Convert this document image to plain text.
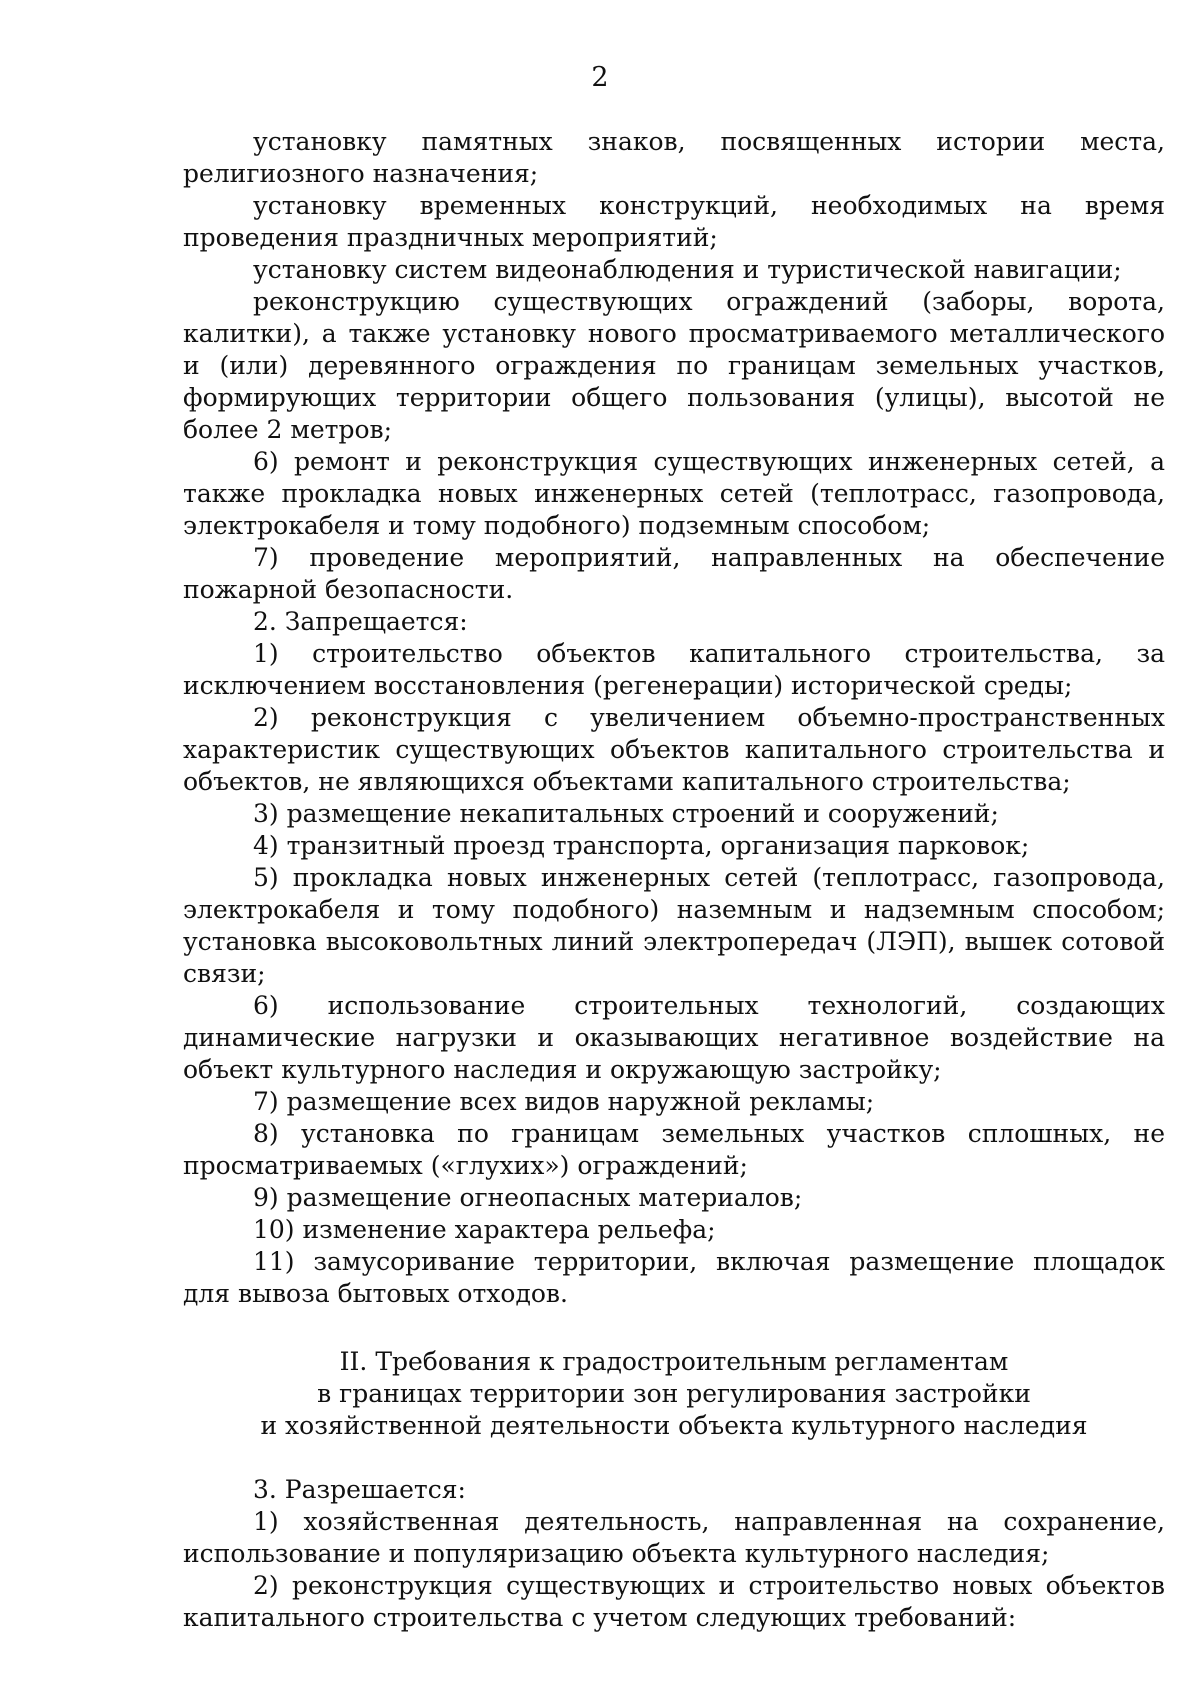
2

установку памятных знаков, посвященных истории места, религиозного назначения;

установку временных конструкций, необходимых на время проведения праздничных мероприятий;

установку систем видеонаблюдения и туристической навигации;

реконструкцию существующих ограждений (заборы, ворота, калитки), а также установку нового просматриваемого металлического и (или) деревянного ограждения по границам земельных участков, формирующих территории общего пользования (улицы), высотой не более 2 метров;

6) ремонт и реконструкция существующих инженерных сетей, а также прокладка новых инженерных сетей (теплотрасс, газопровода, электрокабеля и тому подобного) подземным способом;

7) проведение мероприятий, направленных на обеспечение пожарной безопасности.

2. Запрещается:

1) строительство объектов капитального строительства, за исключением восстановления (регенерации) исторической среды;

2) реконструкция с увеличением объемно-пространственных характеристик существующих объектов капитального строительства и объектов, не являющихся объектами капитального строительства;

3) размещение некапитальных строений и сооружений;

4) транзитный проезд транспорта, организация парковок;

5) прокладка новых инженерных сетей (теплотрасс, газопровода, электрокабеля и тому подобного) наземным и надземным способом; установка высоковольтных линий электропередач (ЛЭП), вышек сотовой связи;

6) использование строительных технологий, создающих динамические нагрузки и оказывающих негативное воздействие на объект культурного наследия и окружающую застройку;

7) размещение всех видов наружной рекламы;

8) установка по границам земельных участков сплошных, не просматриваемых («глухих») ограждений;

9) размещение огнеопасных материалов;

10) изменение характера рельефа;

11) замусоривание территории, включая размещение площадок для вывоза бытовых отходов.

II. Требования к градостроительным регламентам
в границах территории зон регулирования застройки
и хозяйственной деятельности объекта культурного наследия

3. Разрешается:

1) хозяйственная деятельность, направленная на сохранение, использование и популяризацию объекта культурного наследия;

2) реконструкция существующих и строительство новых объектов капитального строительства с учетом следующих требований:
